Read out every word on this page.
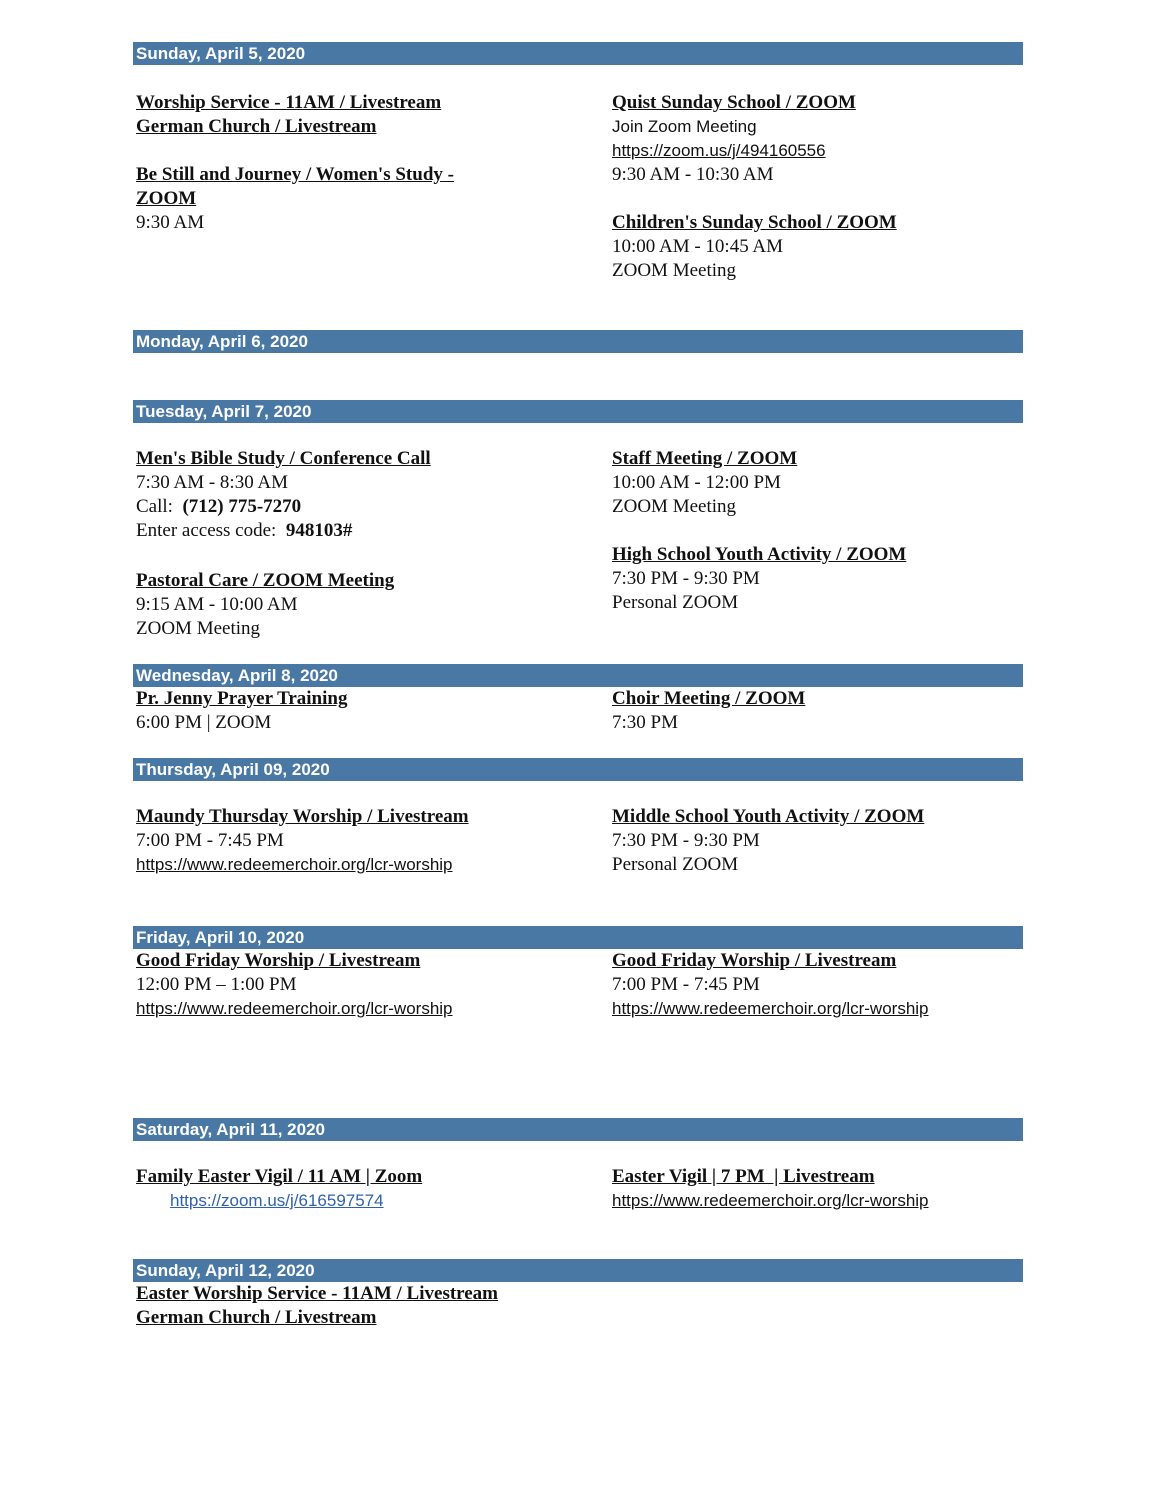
Sunday, April 5, 2020
Worship Service - 11AM / Livestream
German Church / Livestream

Be Still and Journey / Women's Study - ZOOM
9:30 AM
Quist Sunday School / ZOOM
Join Zoom Meeting
https://zoom.us/j/494160556
9:30 AM - 10:30 AM

Children's Sunday School / ZOOM
10:00 AM - 10:45 AM
ZOOM Meeting
Monday, April 6, 2020
Tuesday, April 7, 2020
Men's Bible Study / Conference Call
7:30 AM - 8:30 AM
Call: (712) 775-7270
Enter access code: 948103#

Pastoral Care / ZOOM Meeting
9:15 AM - 10:00 AM
ZOOM Meeting
Staff Meeting / ZOOM
10:00 AM - 12:00 PM
ZOOM Meeting

High School Youth Activity / ZOOM
7:30 PM - 9:30 PM
Personal ZOOM
Wednesday, April 8, 2020
Pr. Jenny Prayer Training
6:00 PM | ZOOM
Choir Meeting / ZOOM
7:30 PM
Thursday, April 09, 2020
Maundy Thursday Worship / Livestream
7:00 PM - 7:45 PM
https://www.redeemerchoir.org/lcr-worship
Middle School Youth Activity / ZOOM
7:30 PM - 9:30 PM
Personal ZOOM
Friday, April 10, 2020
Good Friday Worship / Livestream
12:00 PM – 1:00 PM
https://www.redeemerchoir.org/lcr-worship
Good Friday Worship / Livestream
7:00 PM - 7:45 PM
https://www.redeemerchoir.org/lcr-worship
Saturday, April 11, 2020
Family Easter Vigil / 11 AM | Zoom
https://zoom.us/j/616597574
Easter Vigil | 7 PM  | Livestream
https://www.redeemerchoir.org/lcr-worship
Sunday, April 12, 2020
Easter Worship Service - 11AM / Livestream
German Church / Livestream
